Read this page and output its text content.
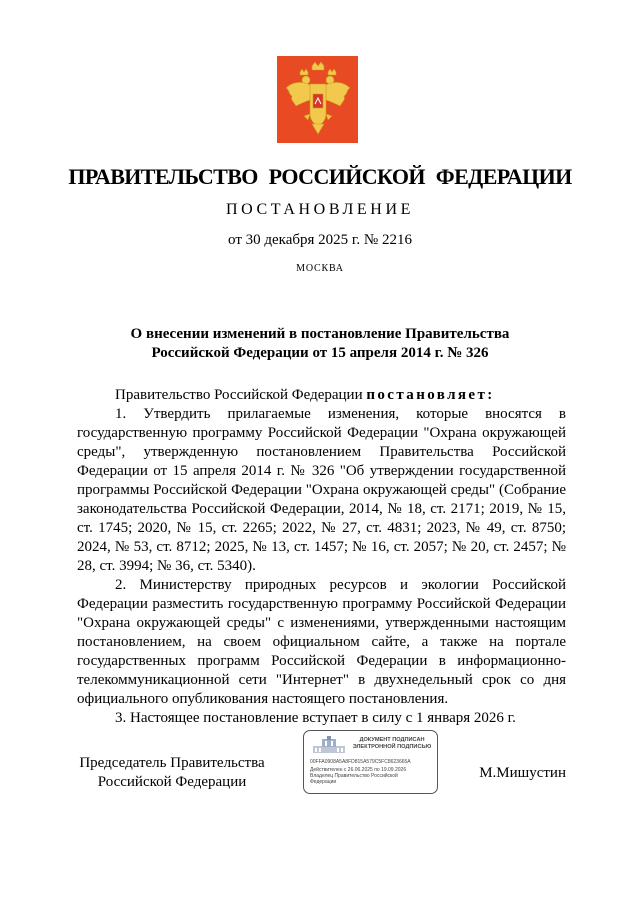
ПРАВИТЕЛЬСТВО РОССИЙСКОЙ ФЕДЕРАЦИИ
ПОСТАНОВЛЕНИЕ
от 30 декабря 2025 г. № 2216
МОСКВА
О внесении изменений в постановление Правительства
Российской Федерации от 15 апреля 2014 г. № 326

Правительство Российской Федерации постановляет:

1. Утвердить прилагаемые изменения, которые вносятся в государственную программу Российской Федерации "Охрана окружающей среды", утвержденную постановлением Правительства Российской Федерации от 15 апреля 2014 г. № 326 "Об утверждении государственной программы Российской Федерации "Охрана окружающей среды" (Собрание законодательства Российской Федерации, 2014, № 18, ст. 2171; 2019, № 15, ст. 1745; 2020, № 15, ст. 2265; 2022, № 27, ст. 4831; 2023, № 49, ст. 8750; 2024, № 53, ст. 8712; 2025, № 13, ст. 1457; № 16, ст. 2057; № 20, ст. 2457; № 28, ст. 3994; № 36, ст. 5340).

2. Министерству природных ресурсов и экологии Российской Федерации разместить государственную программу Российской Федерации "Охрана окружающей среды" с изменениями, утвержденными настоящим постановлением, на своем официальном сайте, а также на портале государственных программ Российской Федерации в информационно-телекоммуникационной сети "Интернет" в двухнедельный срок со дня официального опубликования настоящего постановления.

3. Настоящее постановление вступает в силу с 1 января 2026 г.

Председатель Правительства
Российской Федерации
ДОКУМЕНТ ПОДПИСАН
ЭЛЕКТРОННОЙ ПОДПИСЬЮ
00FFA0908A5A8FD815A579C5FC8623665A
Действителен с 26.06.2025 по 19.09.2026
Владелец Правительство Российской
Федерации
М.Мишустин
